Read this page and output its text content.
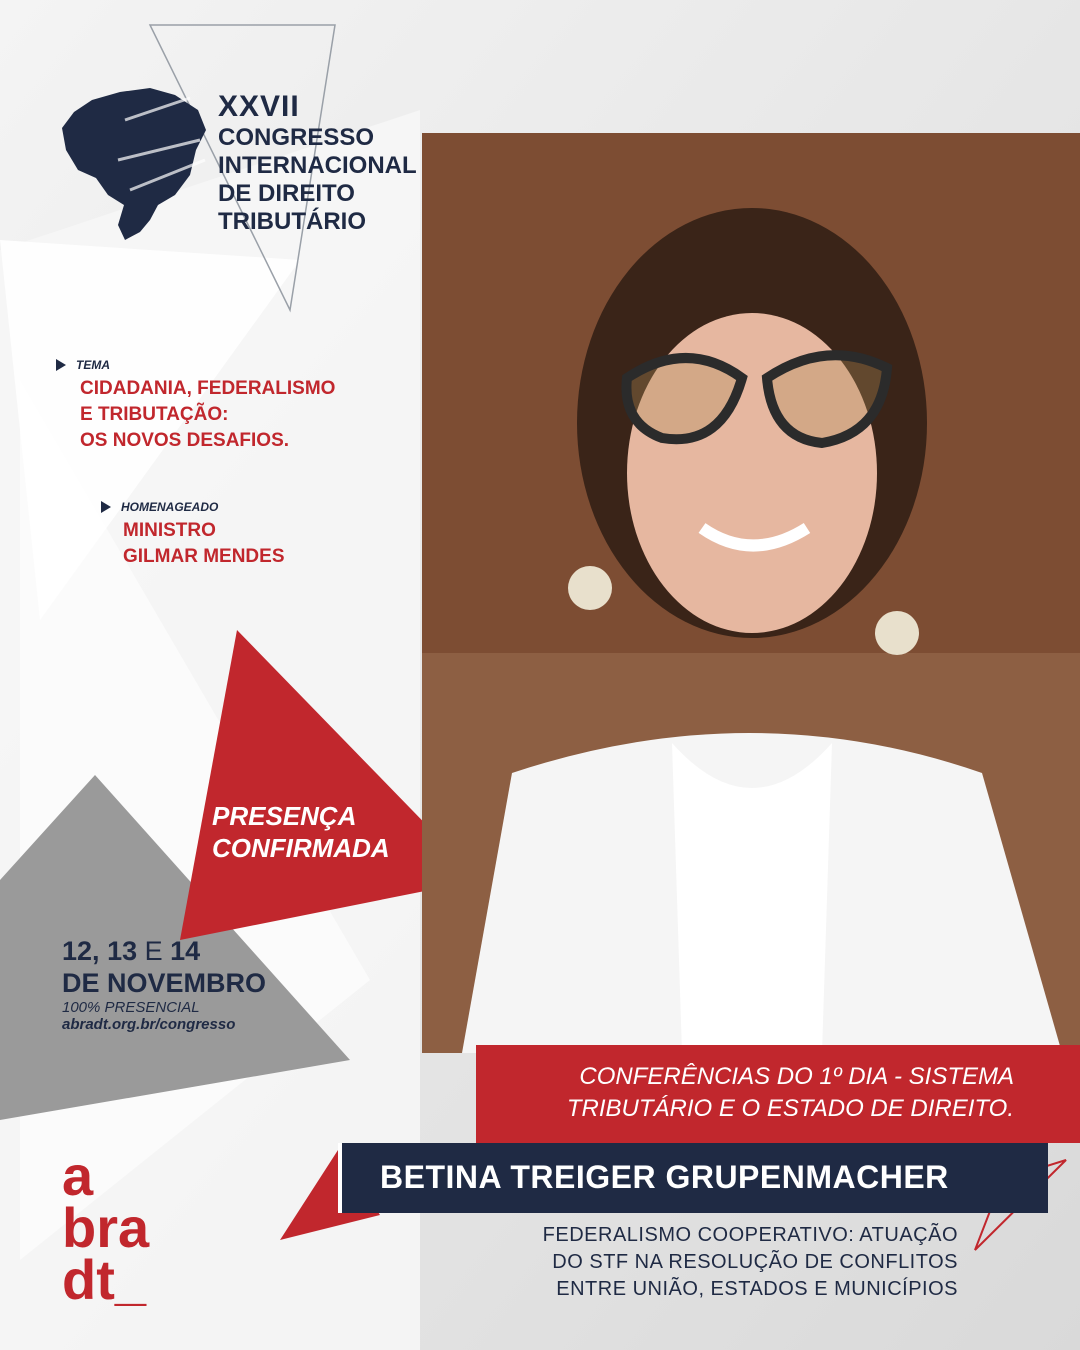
XXVII
CONGRESSO
INTERNACIONAL
DE DIREITO
TRIBUTÁRIO
TEMA
CIDADANIA, FEDERALISMO
E TRIBUTAÇÃO:
OS NOVOS DESAFIOS.
HOMENAGEADO
MINISTRO
GILMAR MENDES
PRESENÇA
CONFIRMADA
12, 13 E 14
DE NOVEMBRO
100% PRESENCIAL
abradt.org.br/congresso
CONFERÊNCIAS DO 1º DIA - SISTEMA
TRIBUTÁRIO E O ESTADO DE DIREITO.
BETINA TREIGER GRUPENMACHER
FEDERALISMO COOPERATIVO: ATUAÇÃO
DO STF NA RESOLUÇÃO DE CONFLITOS
ENTRE UNIÃO, ESTADOS E MUNICÍPIOS
a
bra
dt_
